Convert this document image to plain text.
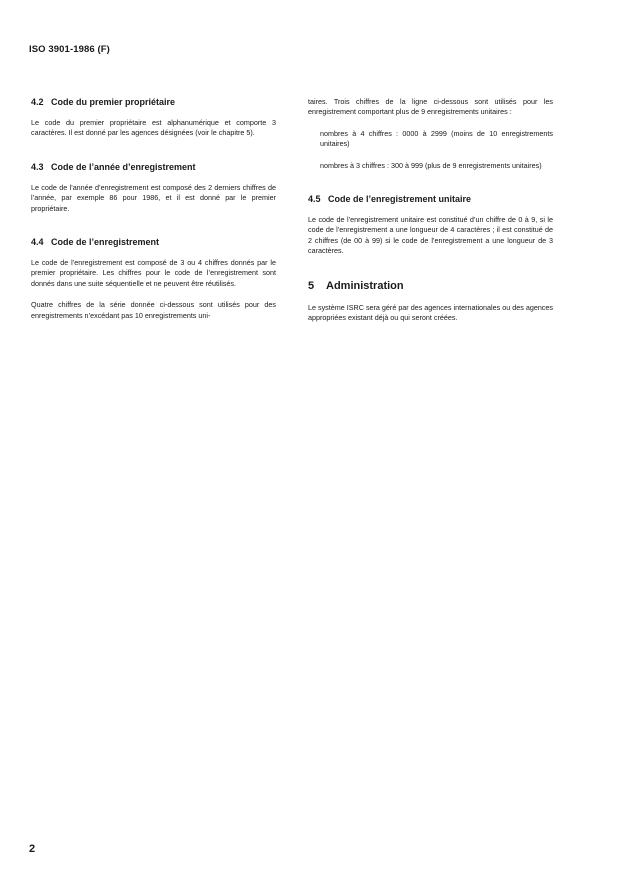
ISO 3901-1986 (F)
4.2 Code du premier propriétaire

Le code du premier propriétaire est alphanumérique et comporte 3 caractères. Il est donné par les agences désignées (voir le chapitre 5).

4.3 Code de l’année d’enregistrement

Le code de l’année d’enregistrement est composé des 2 derniers chiffres de l’année, par exemple 86 pour 1986, et il est donné par le premier propriétaire.

4.4 Code de l’enregistrement

Le code de l’enregistrement est composé de 3 ou 4 chiffres donnés par le premier propriétaire. Les chiffres pour le code de l’enregistrement sont donnés dans une suite séquentielle et ne peuvent être réutilisés.

Quatre chiffres de la série donnée ci-dessous sont utilisés pour des enregistrements n’excédant pas 10 enregistrements uni-

taires. Trois chiffres de la ligne ci-dessous sont utilisés pour les enregistrement comportant plus de 9 enregistrements unitaires :

nombres à 4 chiffres : 0000 à 2999 (moins de 10 enregistrements unitaires)

nombres à 3 chiffres : 300 à 999 (plus de 9 enregistrements unitaires)

4.5 Code de l’enregistrement unitaire

Le code de l’enregistrement unitaire est constitué d’un chiffre de 0 à 9, si le code de l’enregistrement a une longueur de 4 caractères ; il est constitué de 2 chiffres (de 00 à 99) si le code de l’enregistrement a une longueur de 3 caractères.

5 Administration

Le système ISRC sera géré par des agences internationales ou des agences appropriées existant déjà ou qui seront créées.

2
